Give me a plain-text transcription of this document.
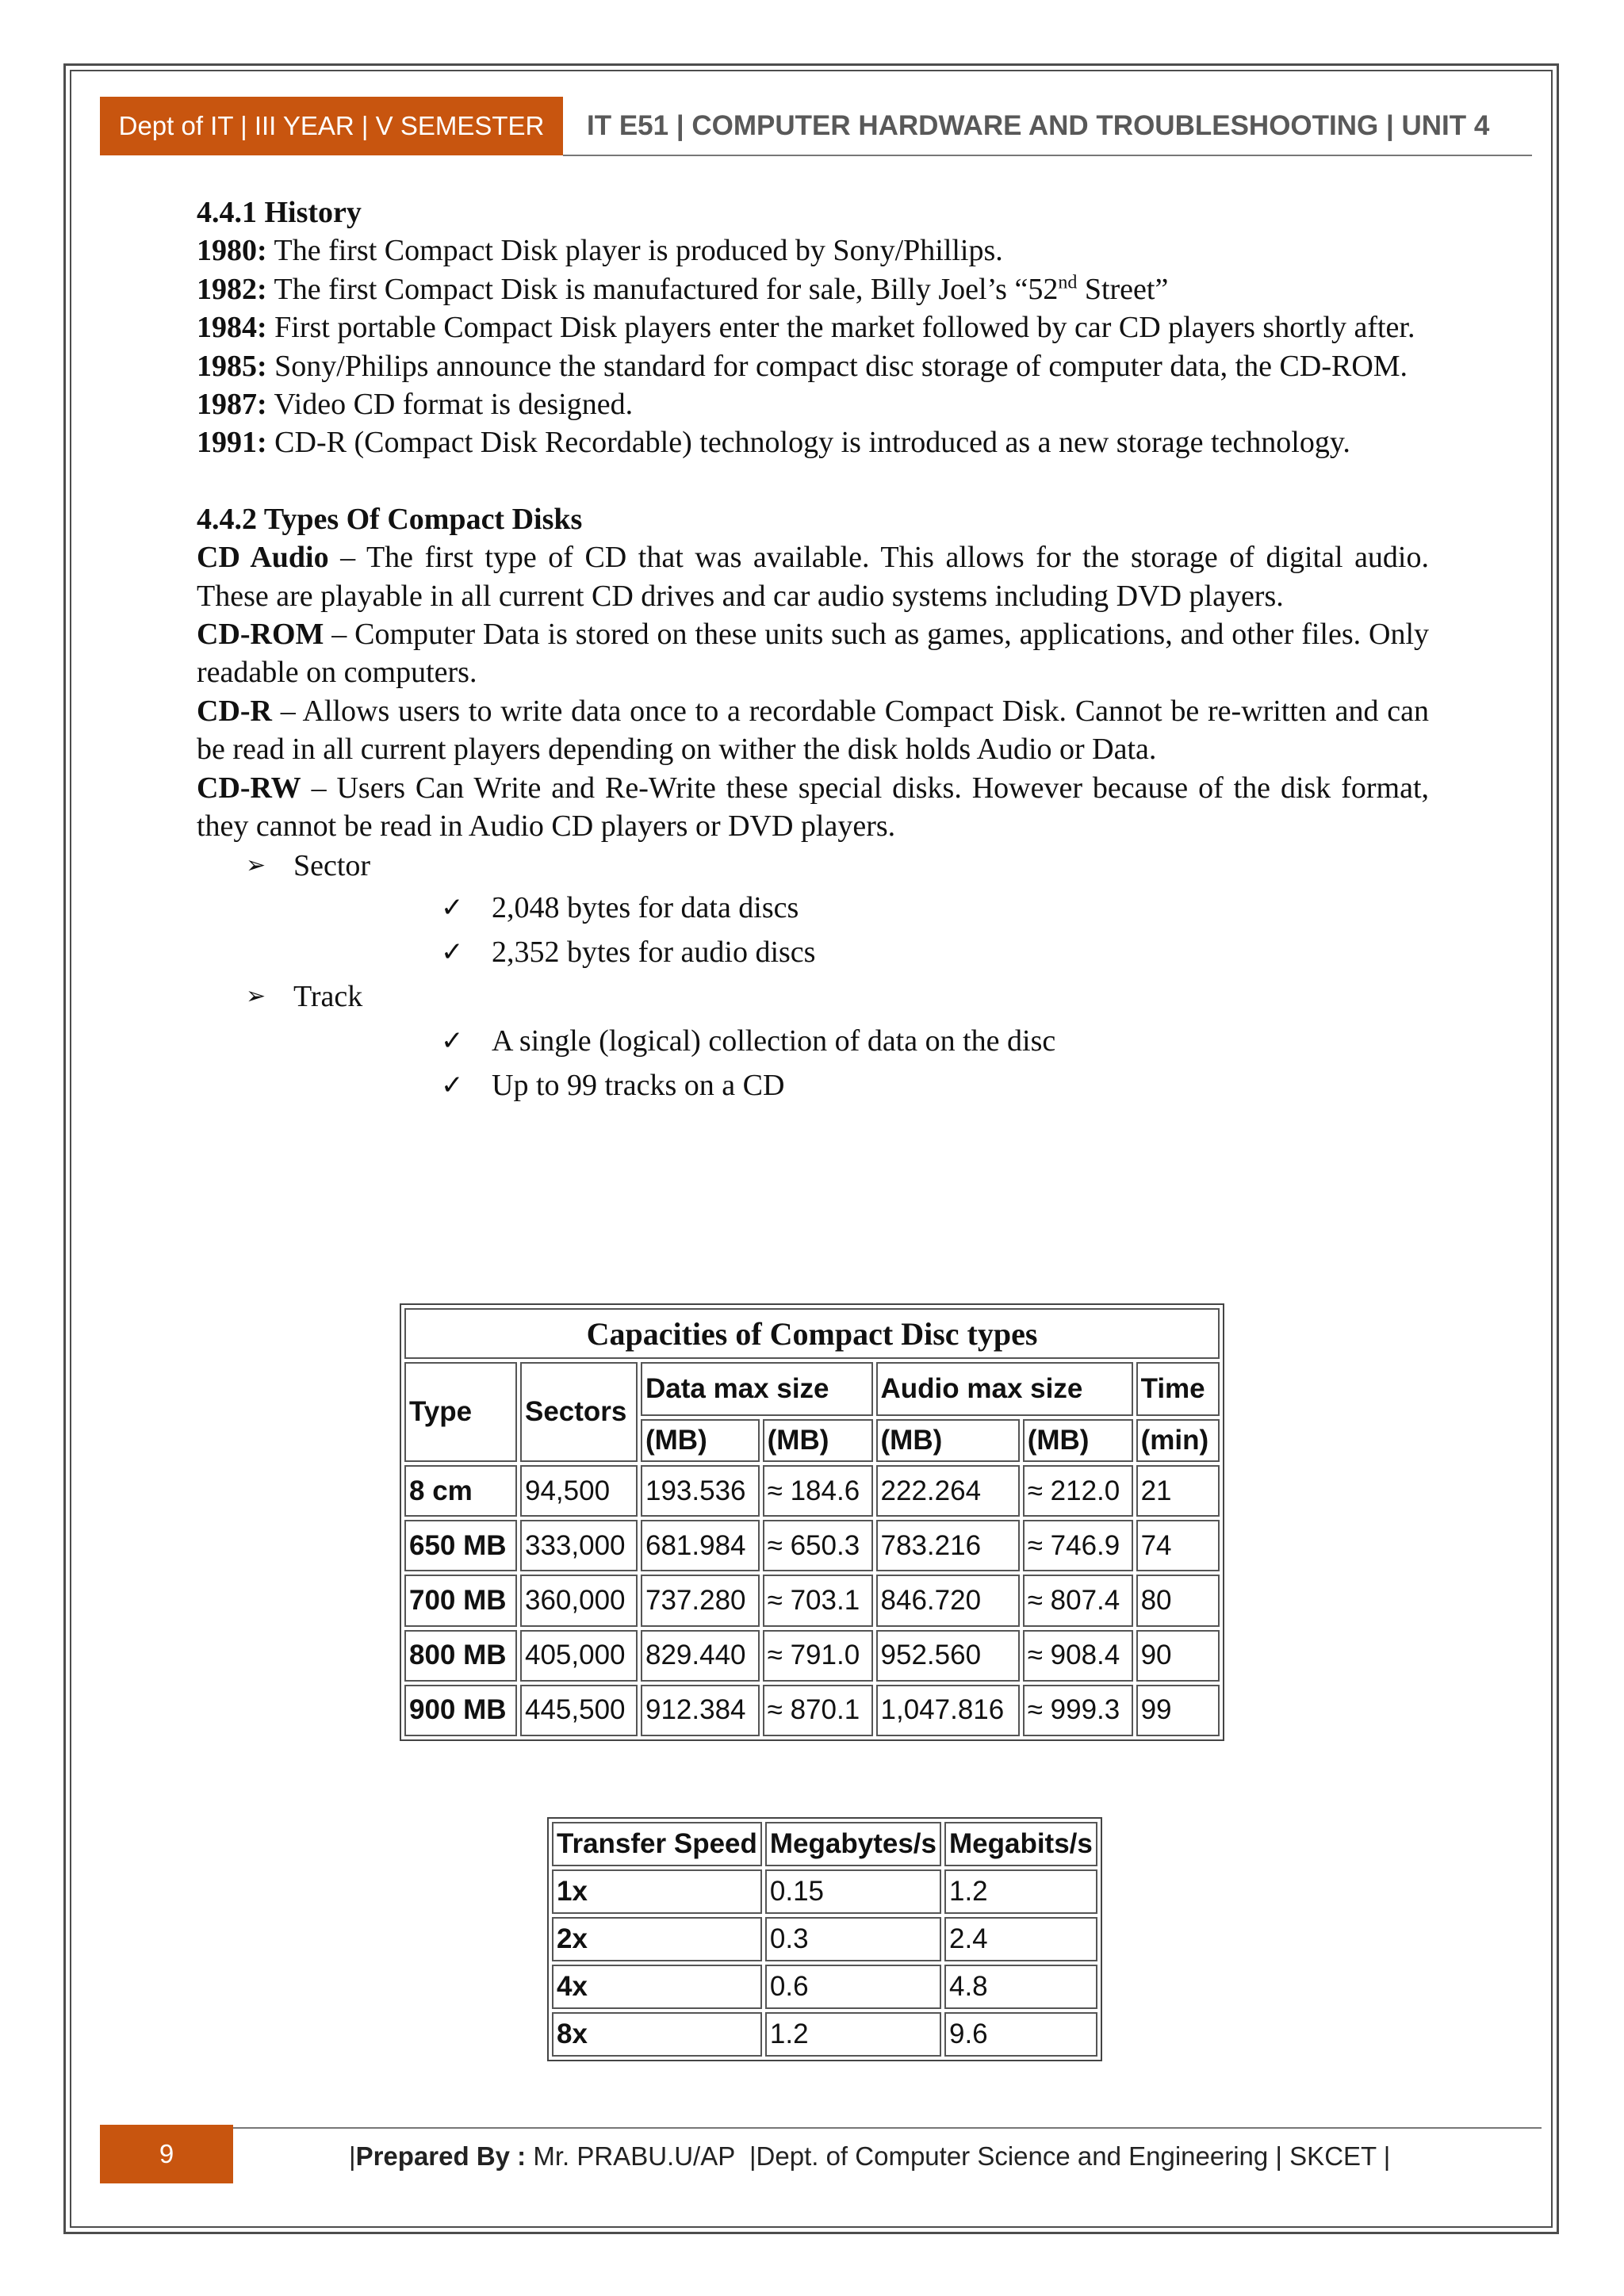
Dept of IT | III YEAR | V SEMESTER	IT E51 | COMPUTER HARDWARE AND TROUBLESHOOTING | UNIT 4

4.4.1 History

1980: The first Compact Disk player is produced by Sony/Phillips.

1982: The first Compact Disk is manufactured for sale, Billy Joel’s “52nd Street”

1984: First portable Compact Disk players enter the market followed by car CD players shortly after.

1985: Sony/Philips announce the standard for compact disc storage of computer data, the CD-ROM.

1987: Video CD format is designed.

1991: CD-R (Compact Disk Recordable) technology is introduced as a new storage technology.

4.4.2 Types Of Compact Disks

CD Audio – The first type of CD that was available. This allows for the storage of digital audio. These are playable in all current CD drives and car audio systems including DVD players.

CD-ROM – Computer Data is stored on these units such as games, applications, and other files. Only readable on computers.

CD-R – Allows users to write data once to a recordable Compact Disk. Cannot be re-written and can be read in all current players depending on wither the disk holds Audio or Data.

CD-RW – Users Can Write and Re-Write these special disks. However because of the disk format, they cannot be read in Audio CD players or DVD players.

➢ Sector

✓ 2,048 bytes for data discs

✓ 2,352 bytes for audio discs

➢ Track

✓ A single (logical) collection of data on the disc

✓ Up to 99 tracks on a CD

Capacities of Compact Disc types						
Type	Sectors	Data max size		Audio max size		Time
		(MB)	(MB)	(MB)	(MB)	(min)
8 cm	94,500	193.536	≈ 184.6	222.264	≈ 212.0	21
650 MB	333,000	681.984	≈ 650.3	783.216	≈ 746.9	74
700 MB	360,000	737.280	≈ 703.1	846.720	≈ 807.4	80
800 MB	405,000	829.440	≈ 791.0	952.560	≈ 908.4	90
900 MB	445,500	912.384	≈ 870.1	1,047.816	≈ 999.3	99
Transfer Speed	Megabytes/s	Megabits/s
1x	0.15	1.2
2x	0.3	2.4
4x	0.6	4.8
8x	1.2	9.6
9	| Prepared By : Mr. PRABU.U/AP  |Dept. of Computer Science and Engineering | SKCET |
